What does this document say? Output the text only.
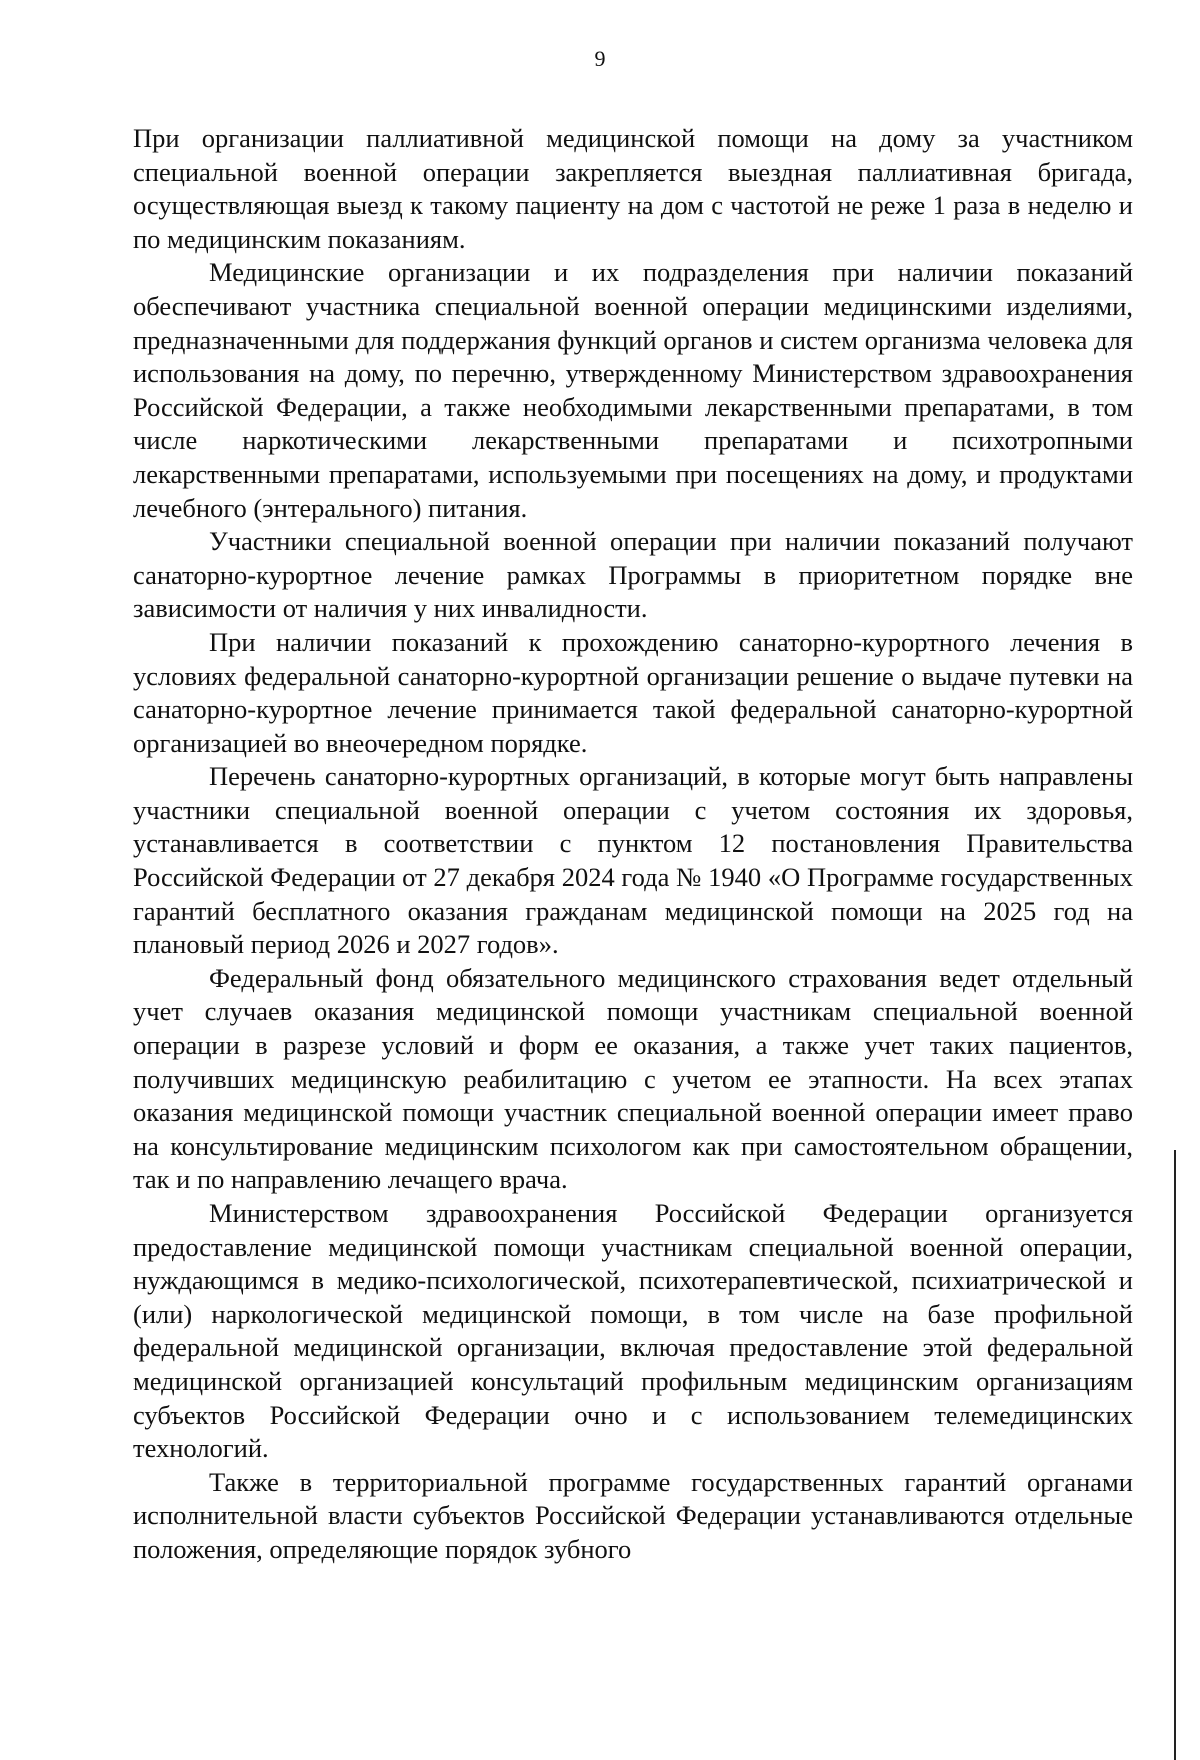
9

При организации паллиативной медицинской помощи на дому за участником специальной военной операции закрепляется выездная паллиативная бригада, осуществляющая выезд к такому пациенту на дом с частотой не реже 1 раза в неделю и по медицинским показаниям.

Медицинские организации и их подразделения при наличии показаний обеспечивают участника специальной военной операции медицинскими изделиями, предназначенными для поддержания функций органов и систем организма человека для использования на дому, по перечню, утвержденному Министерством здравоохранения Российской Федерации, а также необходимыми лекарственными препаратами, в том числе наркотическими лекарственными препаратами и психотропными лекарственными препаратами, используемыми при посещениях на дому, и продуктами лечебного (энтерального) питания.

Участники специальной военной операции при наличии показаний получают санаторно-курортное лечение рамках Программы в приоритетном порядке вне зависимости от наличия у них инвалидности.

При наличии показаний к прохождению санаторно-курортного лечения в условиях федеральной санаторно-курортной организации решение о выдаче путевки на санаторно-курортное лечение принимается такой федеральной санаторно-курортной организацией во внеочередном порядке.

Перечень санаторно-курортных организаций, в которые могут быть направлены участники специальной военной операции с учетом состояния их здоровья, устанавливается в соответствии с пунктом 12 постановления Правительства Российской Федерации от 27 декабря 2024 года № 1940 «О Программе государственных гарантий бесплатного оказания гражданам медицинской помощи на 2025 год на плановый период 2026 и 2027 годов».

Федеральный фонд обязательного медицинского страхования ведет отдельный учет случаев оказания медицинской помощи участникам специальной военной операции в разрезе условий и форм ее оказания, а также учет таких пациентов, получивших медицинскую реабилитацию с учетом ее этапности. На всех этапах оказания медицинской помощи участник специальной военной операции имеет право на консультирование медицинским психологом как при самостоятельном обращении, так и по направлению лечащего врача.

Министерством здравоохранения Российской Федерации организуется предоставление медицинской помощи участникам специальной военной операции, нуждающимся в медико-психологической, психотерапевтической, психиатрической и (или) наркологической медицинской помощи, в том числе на базе профильной федеральной медицинской организации, включая предоставление этой федеральной медицинской организацией консультаций профильным медицинским организациям субъектов Российской Федерации очно и с использованием телемедицинских технологий.

Также в территориальной программе государственных гарантий органами исполнительной власти субъектов Российской Федерации устанавливаются отдельные положения, определяющие порядок зубного
